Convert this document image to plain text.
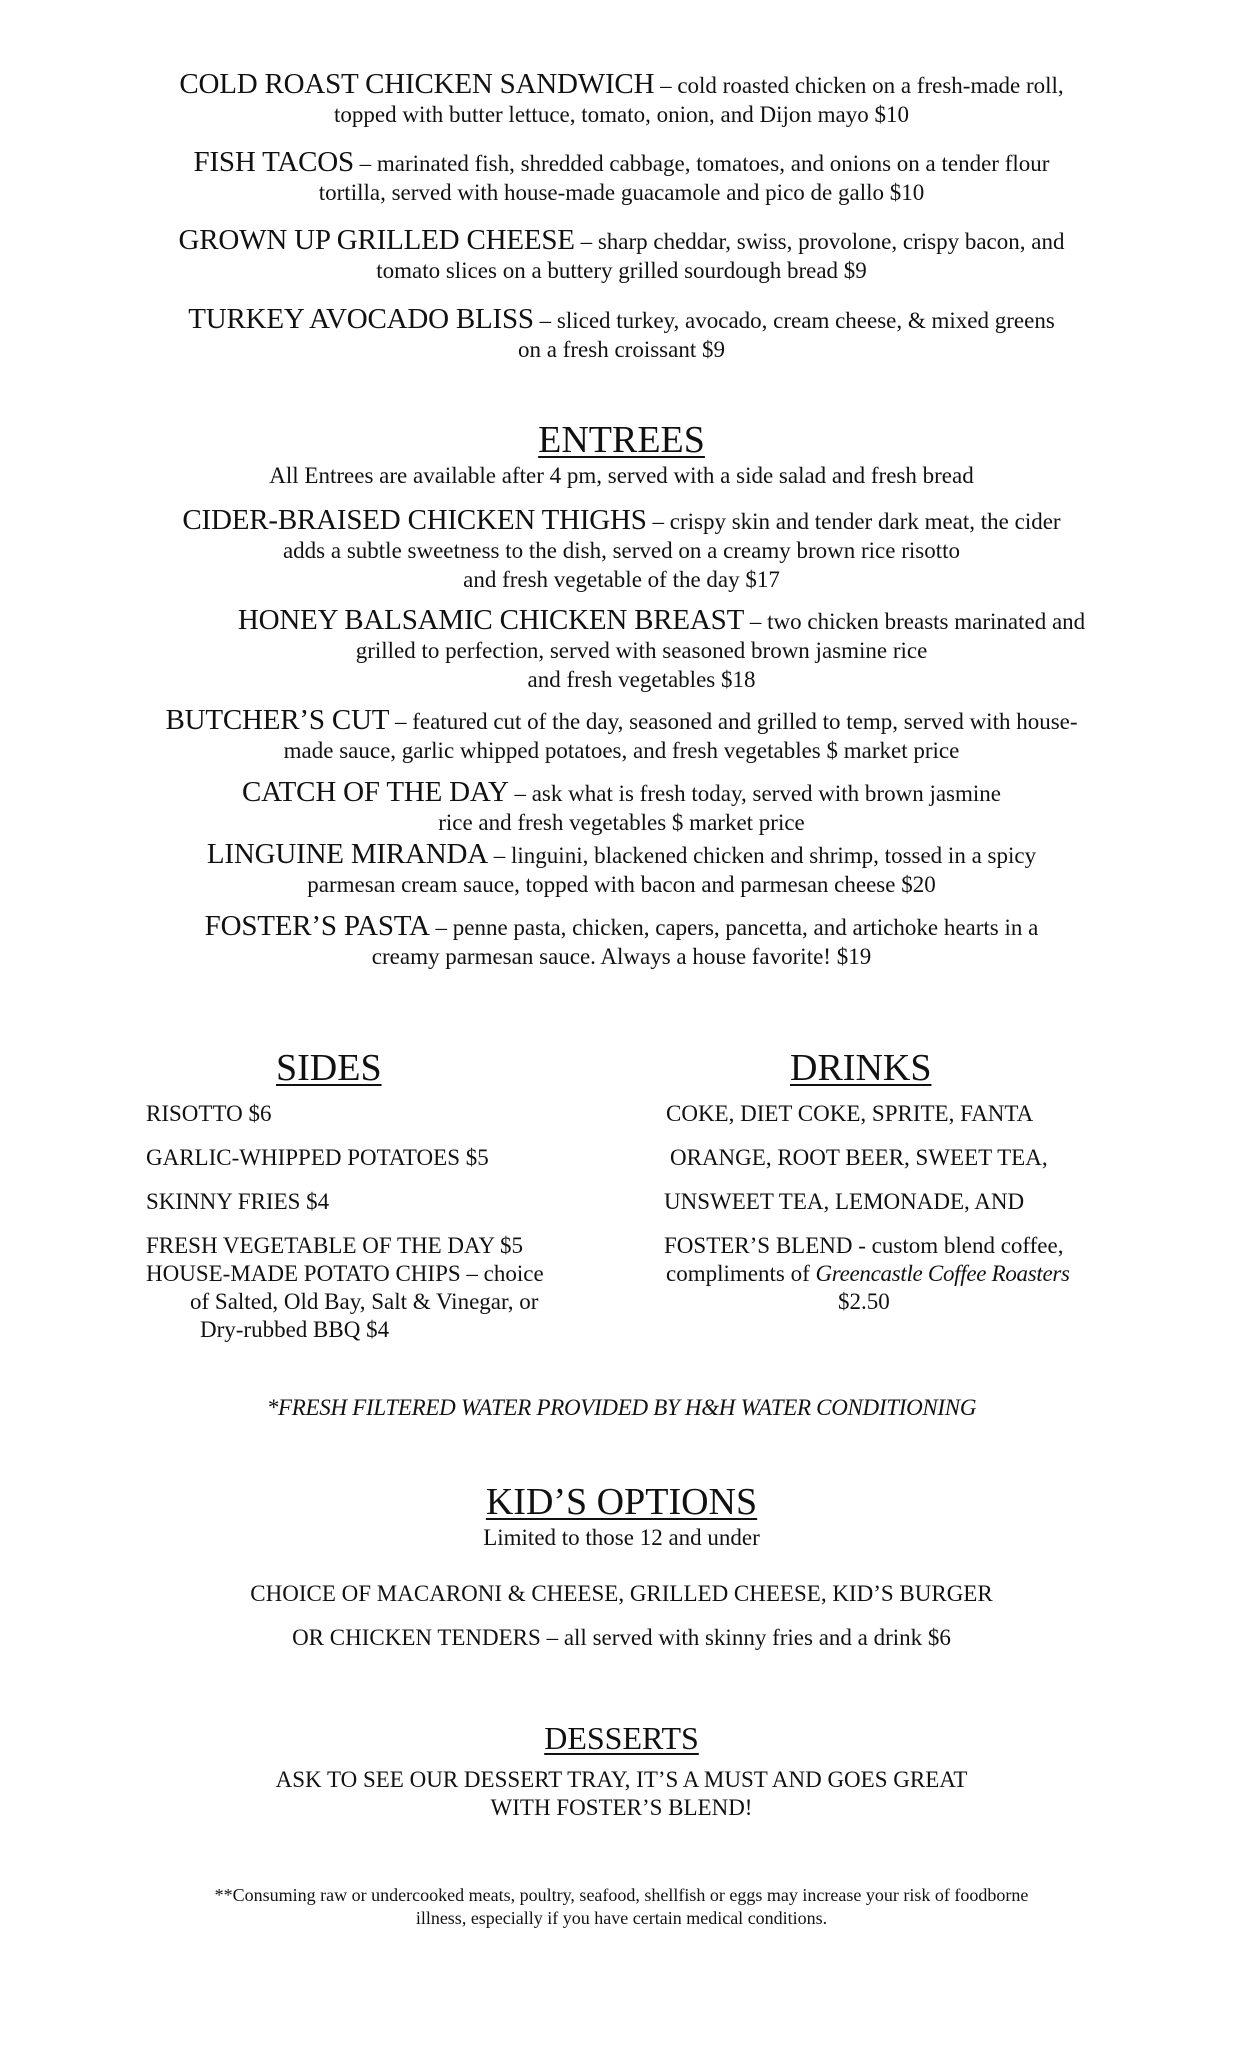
COLD ROAST CHICKEN SANDWICH – cold roasted chicken on a fresh-made roll,

topped with butter lettuce, tomato, onion, and Dijon mayo $10

FISH TACOS – marinated fish, shredded cabbage, tomatoes, and onions on a tender flour

tortilla, served with house-made guacamole and pico de gallo $10

GROWN UP GRILLED CHEESE – sharp cheddar, swiss, provolone, crispy bacon, and

tomato slices on a buttery grilled sourdough bread $9

TURKEY AVOCADO BLISS – sliced turkey, avocado, cream cheese, & mixed greens

on a fresh croissant $9

ENTREES

All Entrees are available after 4 pm, served with a side salad and fresh bread

CIDER-BRAISED CHICKEN THIGHS – crispy skin and tender dark meat, the cider

adds a subtle sweetness to the dish, served on a creamy brown rice risotto

and fresh vegetable of the day $17

HONEY BALSAMIC CHICKEN BREAST – two chicken breasts marinated and

grilled to perfection, served with seasoned brown jasmine rice

and fresh vegetables $18

BUTCHER’S CUT – featured cut of the day, seasoned and grilled to temp, served with house-

made sauce, garlic whipped potatoes, and fresh vegetables $ market price

CATCH OF THE DAY – ask what is fresh today, served with brown jasmine

rice and fresh vegetables $ market price

LINGUINE MIRANDA – linguini, blackened chicken and shrimp, tossed in a spicy

parmesan cream sauce, topped with bacon and parmesan cheese $20

FOSTER’S PASTA – penne pasta, chicken, capers, pancetta, and artichoke hearts in a

creamy parmesan sauce. Always a house favorite! $19

SIDES

RISOTTO $6

GARLIC-WHIPPED POTATOES $5

SKINNY FRIES $4

FRESH VEGETABLE OF THE DAY $5

HOUSE-MADE POTATO CHIPS – choice

of Salted, Old Bay, Salt & Vinegar, or

Dry-rubbed BBQ $4

DRINKS

COKE, DIET COKE, SPRITE, FANTA

ORANGE, ROOT BEER, SWEET TEA,

UNSWEET TEA, LEMONADE, AND

FOSTER’S BLEND - custom blend coffee,

compliments of Greencastle Coffee Roasters

$2.50

*FRESH FILTERED WATER PROVIDED BY H&H WATER CONDITIONING

KID’S OPTIONS

Limited to those 12 and under

CHOICE OF MACARONI & CHEESE, GRILLED CHEESE, KID’S BURGER

OR CHICKEN TENDERS – all served with skinny fries and a drink $6

DESSERTS

ASK TO SEE OUR DESSERT TRAY, IT’S A MUST AND GOES GREAT

WITH FOSTER’S BLEND!

**Consuming raw or undercooked meats, poultry, seafood, shellfish or eggs may increase your risk of foodborne

illness, especially if you have certain medical conditions.
